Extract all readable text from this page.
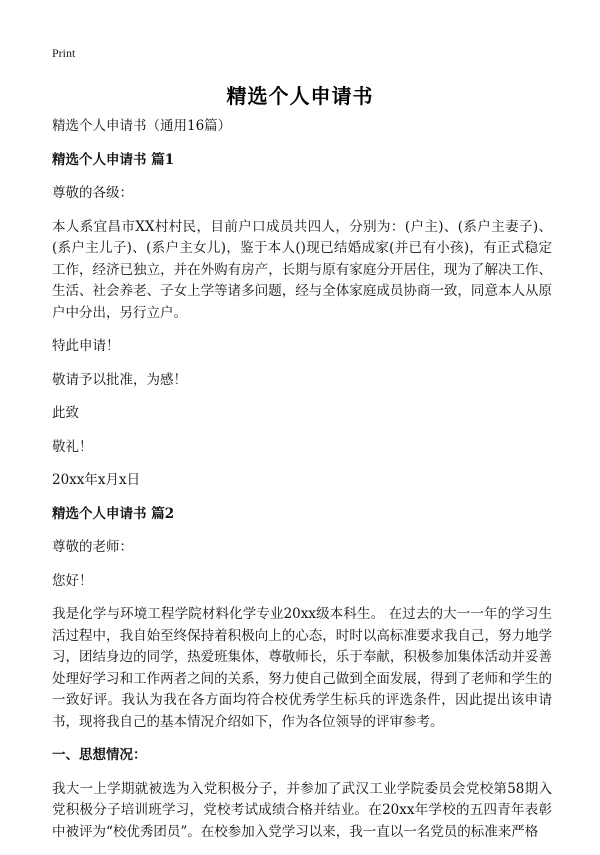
Print
精选个人申请书
精选个人申请书（通用16篇）
精选个人申请书 篇1
尊敬的各级：
本人系宜昌市XX村村民，目前户口成员共四人，分别为：(户主)、(系户主妻子)、(系户主儿子)、(系户主女儿)，鉴于本人()现已结婚成家(并已有小孩)，有正式稳定工作，经济已独立，并在外购有房产，长期与原有家庭分开居住，现为了解决工作、生活、社会养老、子女上学等诸多问题，经与全体家庭成员协商一致，同意本人从原户中分出，另行立户。
特此申请！
敬请予以批准，为感！
此致
敬礼！
20xx年x月x日
精选个人申请书 篇2
尊敬的老师：
您好！
我是化学与环境工程学院材料化学专业20xx级本科生。 在过去的大一一年的学习生活过程中，我自始至终保持着积极向上的心态，时时以高标准要求我自己，努力地学习，团结身边的同学，热爱班集体，尊敬师长，乐于奉献，积极参加集体活动并妥善处理好学习和工作两者之间的关系，努力使自己做到全面发展，得到了老师和学生的一致好评。我认为我在各方面均符合校优秀学生标兵的评选条件，因此提出该申请书，现将我自己的基本情况介绍如下，作为各位领导的评审参考。
一、思想情况：
我大一上学期就被选为入党积极分子，并参加了武汉工业学院委员会党校第58期入党积极分子培训班学习，党校考试成绩合格并结业。在20xx年学校的五四青年表彰中被评为“校优秀团员”。在校参加入党学习以来，我一直以一名党员的标准来严格
